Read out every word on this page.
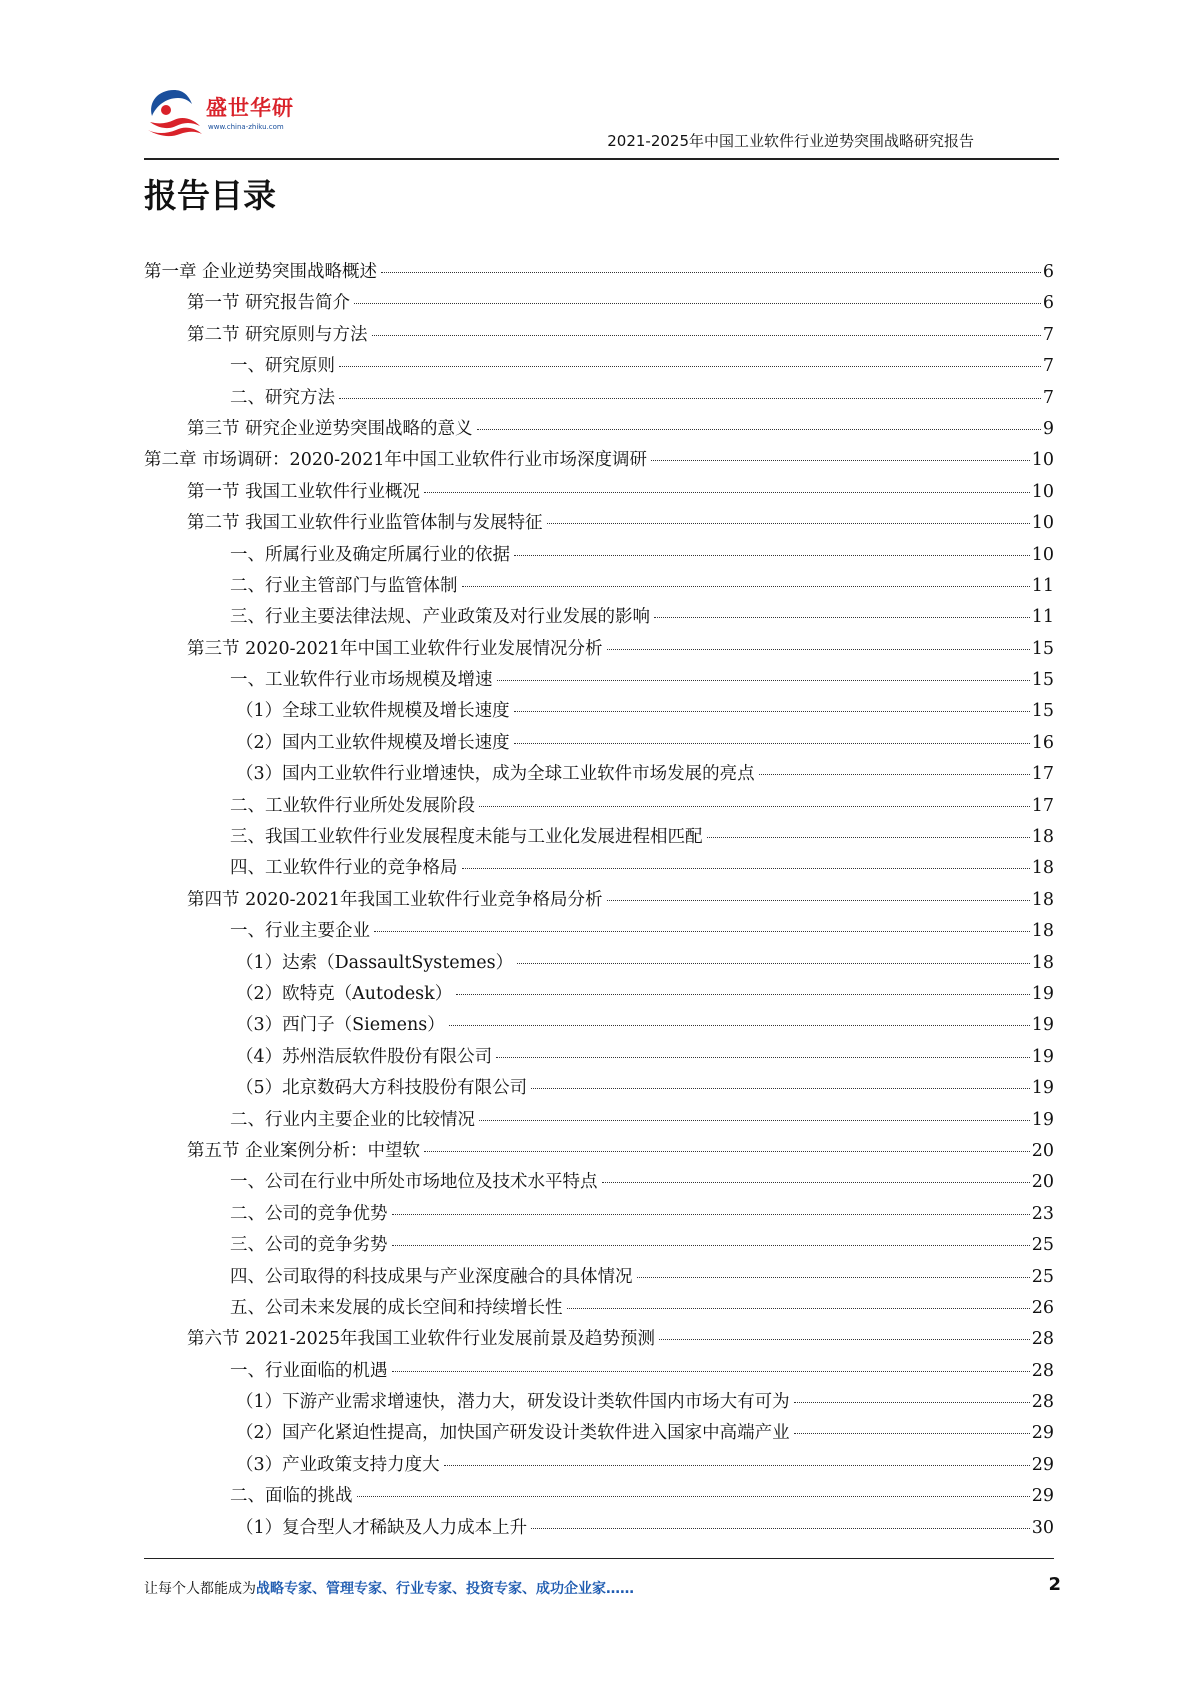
盛世华研
www.china-zhiku.com
2021-2025年中国工业软件行业逆势突围战略研究报告
报告目录
第一章 企业逆势突围战略概述	6
第一节 研究报告简介	6
第二节 研究原则与方法	7
一、研究原则	7
二、研究方法	7
第三节 研究企业逆势突围战略的意义	9
第二章 市场调研：2020-2021年中国工业软件行业市场深度调研	10
第一节 我国工业软件行业概况	10
第二节 我国工业软件行业监管体制与发展特征	10
一、所属行业及确定所属行业的依据	10
二、行业主管部门与监管体制	11
三、行业主要法律法规、产业政策及对行业发展的影响	11
第三节 2020-2021年中国工业软件行业发展情况分析	15
一、工业软件行业市场规模及增速	15
（1）全球工业软件规模及增长速度	15
（2）国内工业软件规模及增长速度	16
（3）国内工业软件行业增速快，成为全球工业软件市场发展的亮点	17
二、工业软件行业所处发展阶段	17
三、我国工业软件行业发展程度未能与工业化发展进程相匹配	18
四、工业软件行业的竞争格局	18
第四节 2020-2021年我国工业软件行业竞争格局分析	18
一、行业主要企业	18
（1）达索（DassaultSystemes）	18
（2）欧特克（Autodesk）	19
（3）西门子（Siemens）	19
（4）苏州浩辰软件股份有限公司	19
（5）北京数码大方科技股份有限公司	19
二、行业内主要企业的比较情况	19
第五节 企业案例分析：中望软	20
一、公司在行业中所处市场地位及技术水平特点	20
二、公司的竞争优势	23
三、公司的竞争劣势	25
四、公司取得的科技成果与产业深度融合的具体情况	25
五、公司未来发展的成长空间和持续增长性	26
第六节 2021-2025年我国工业软件行业发展前景及趋势预测	28
一、行业面临的机遇	28
（1）下游产业需求增速快，潜力大，研发设计类软件国内市场大有可为	28
（2）国产化紧迫性提高，加快国产研发设计类软件进入国家中高端产业	29
（3）产业政策支持力度大	29
二、面临的挑战	29
（1）复合型人才稀缺及人力成本上升	30
让每个人都能成为战略专家、管理专家、行业专家、投资专家、成功企业家……	2
